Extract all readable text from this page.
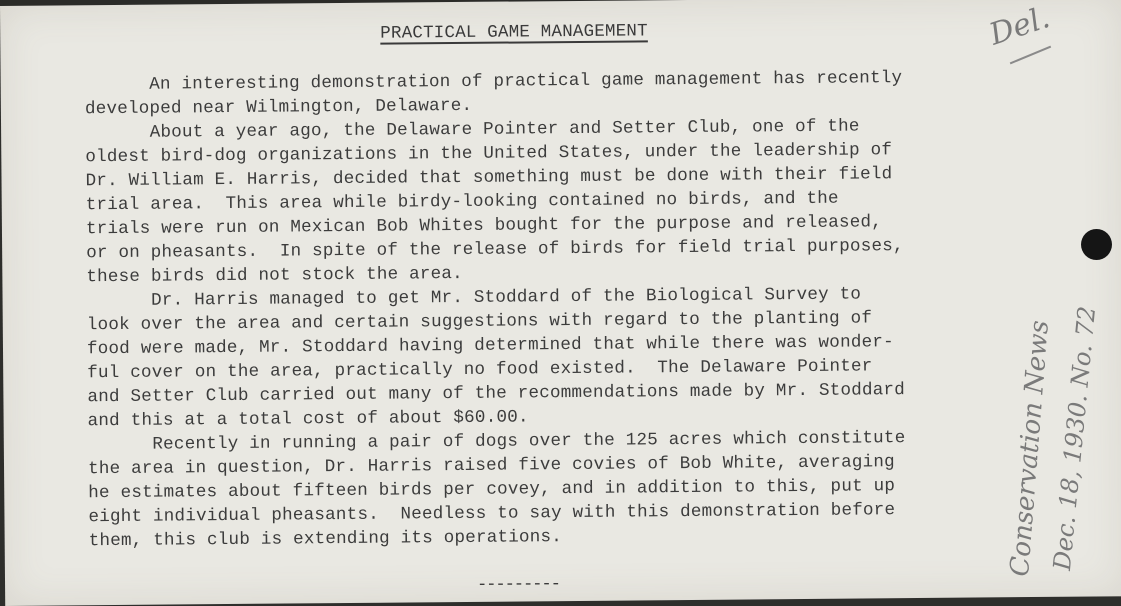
PRACTICAL GAME MANAGEMENT
An interesting demonstration of practical game management has recently
developed near Wilmington, Delaware.
About a year ago, the Delaware Pointer and Setter Club, one of the
oldest bird-dog organizations in the United States, under the leadership of
Dr. William E. Harris, decided that something must be done with their field
trial area.  This area while birdy-looking contained no birds, and the
trials were run on Mexican Bob Whites bought for the purpose and released,
or on pheasants.  In spite of the release of birds for field trial purposes,
these birds did not stock the area.
Dr. Harris managed to get Mr. Stoddard of the Biological Survey to
look over the area and certain suggestions with regard to the planting of
food were made, Mr. Stoddard having determined that while there was wonder-
ful cover on the area, practically no food existed.  The Delaware Pointer
and Setter Club carried out many of the recommendations made by Mr. Stoddard
and this at a total cost of about $60.00.
Recently in running a pair of dogs over the 125 acres which constitute
the area in question, Dr. Harris raised five covies of Bob White, averaging
he estimates about fifteen birds per covey, and in addition to this, put up
eight individual pheasants.  Needless to say with this demonstration before
them, this club is extending its operations.
---------
Del.
Conservation News
Dec. 18, 1930. No. 72
